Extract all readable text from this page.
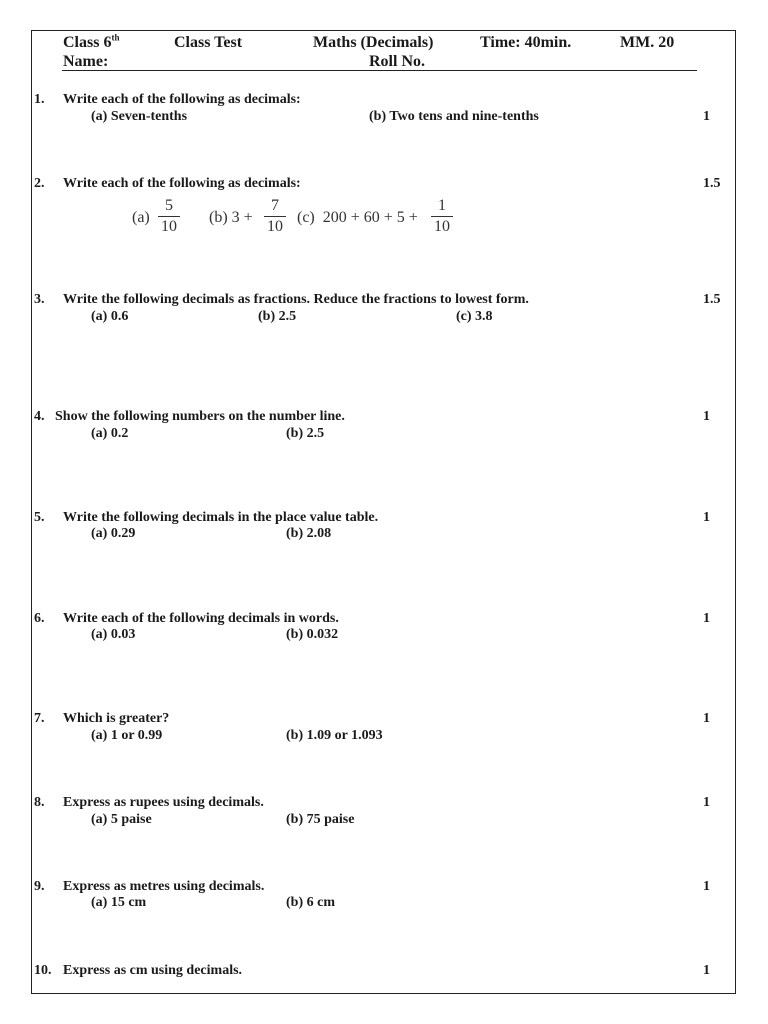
Class 6th	Class Test	Maths (Decimals)	Time: 40min.	MM. 20
Name:	Roll No.
1. Write each of the following as decimals:
(a) Seven-tenths	(b) Two tens and nine-tenths	1
2. Write each of the following as decimals:	1.5
(a)
5
10
(b) 3 +
7
10
(c)  200 + 60 + 5 +
1
10
3. Write the following decimals as fractions. Reduce the fractions to lowest form.
(a) 0.6	(b) 2.5	(c) 3.8
1.5
4. Show the following numbers on the number line.
(a) 0.2	(b) 2.5
1
5. Write the following decimals in the place value table.
(a) 0.29	(b) 2.08
1
6. Write each of the following decimals in words.
(a) 0.03	(b) 0.032
1
7. Which is greater?
(a) 1 or 0.99	(b) 1.09 or 1.093
1
8. Express as rupees using decimals.
(a) 5 paise	(b) 75 paise
1
9. Express as metres using decimals.
(a) 15 cm	(b) 6 cm
1
10. Express as cm using decimals.	1
